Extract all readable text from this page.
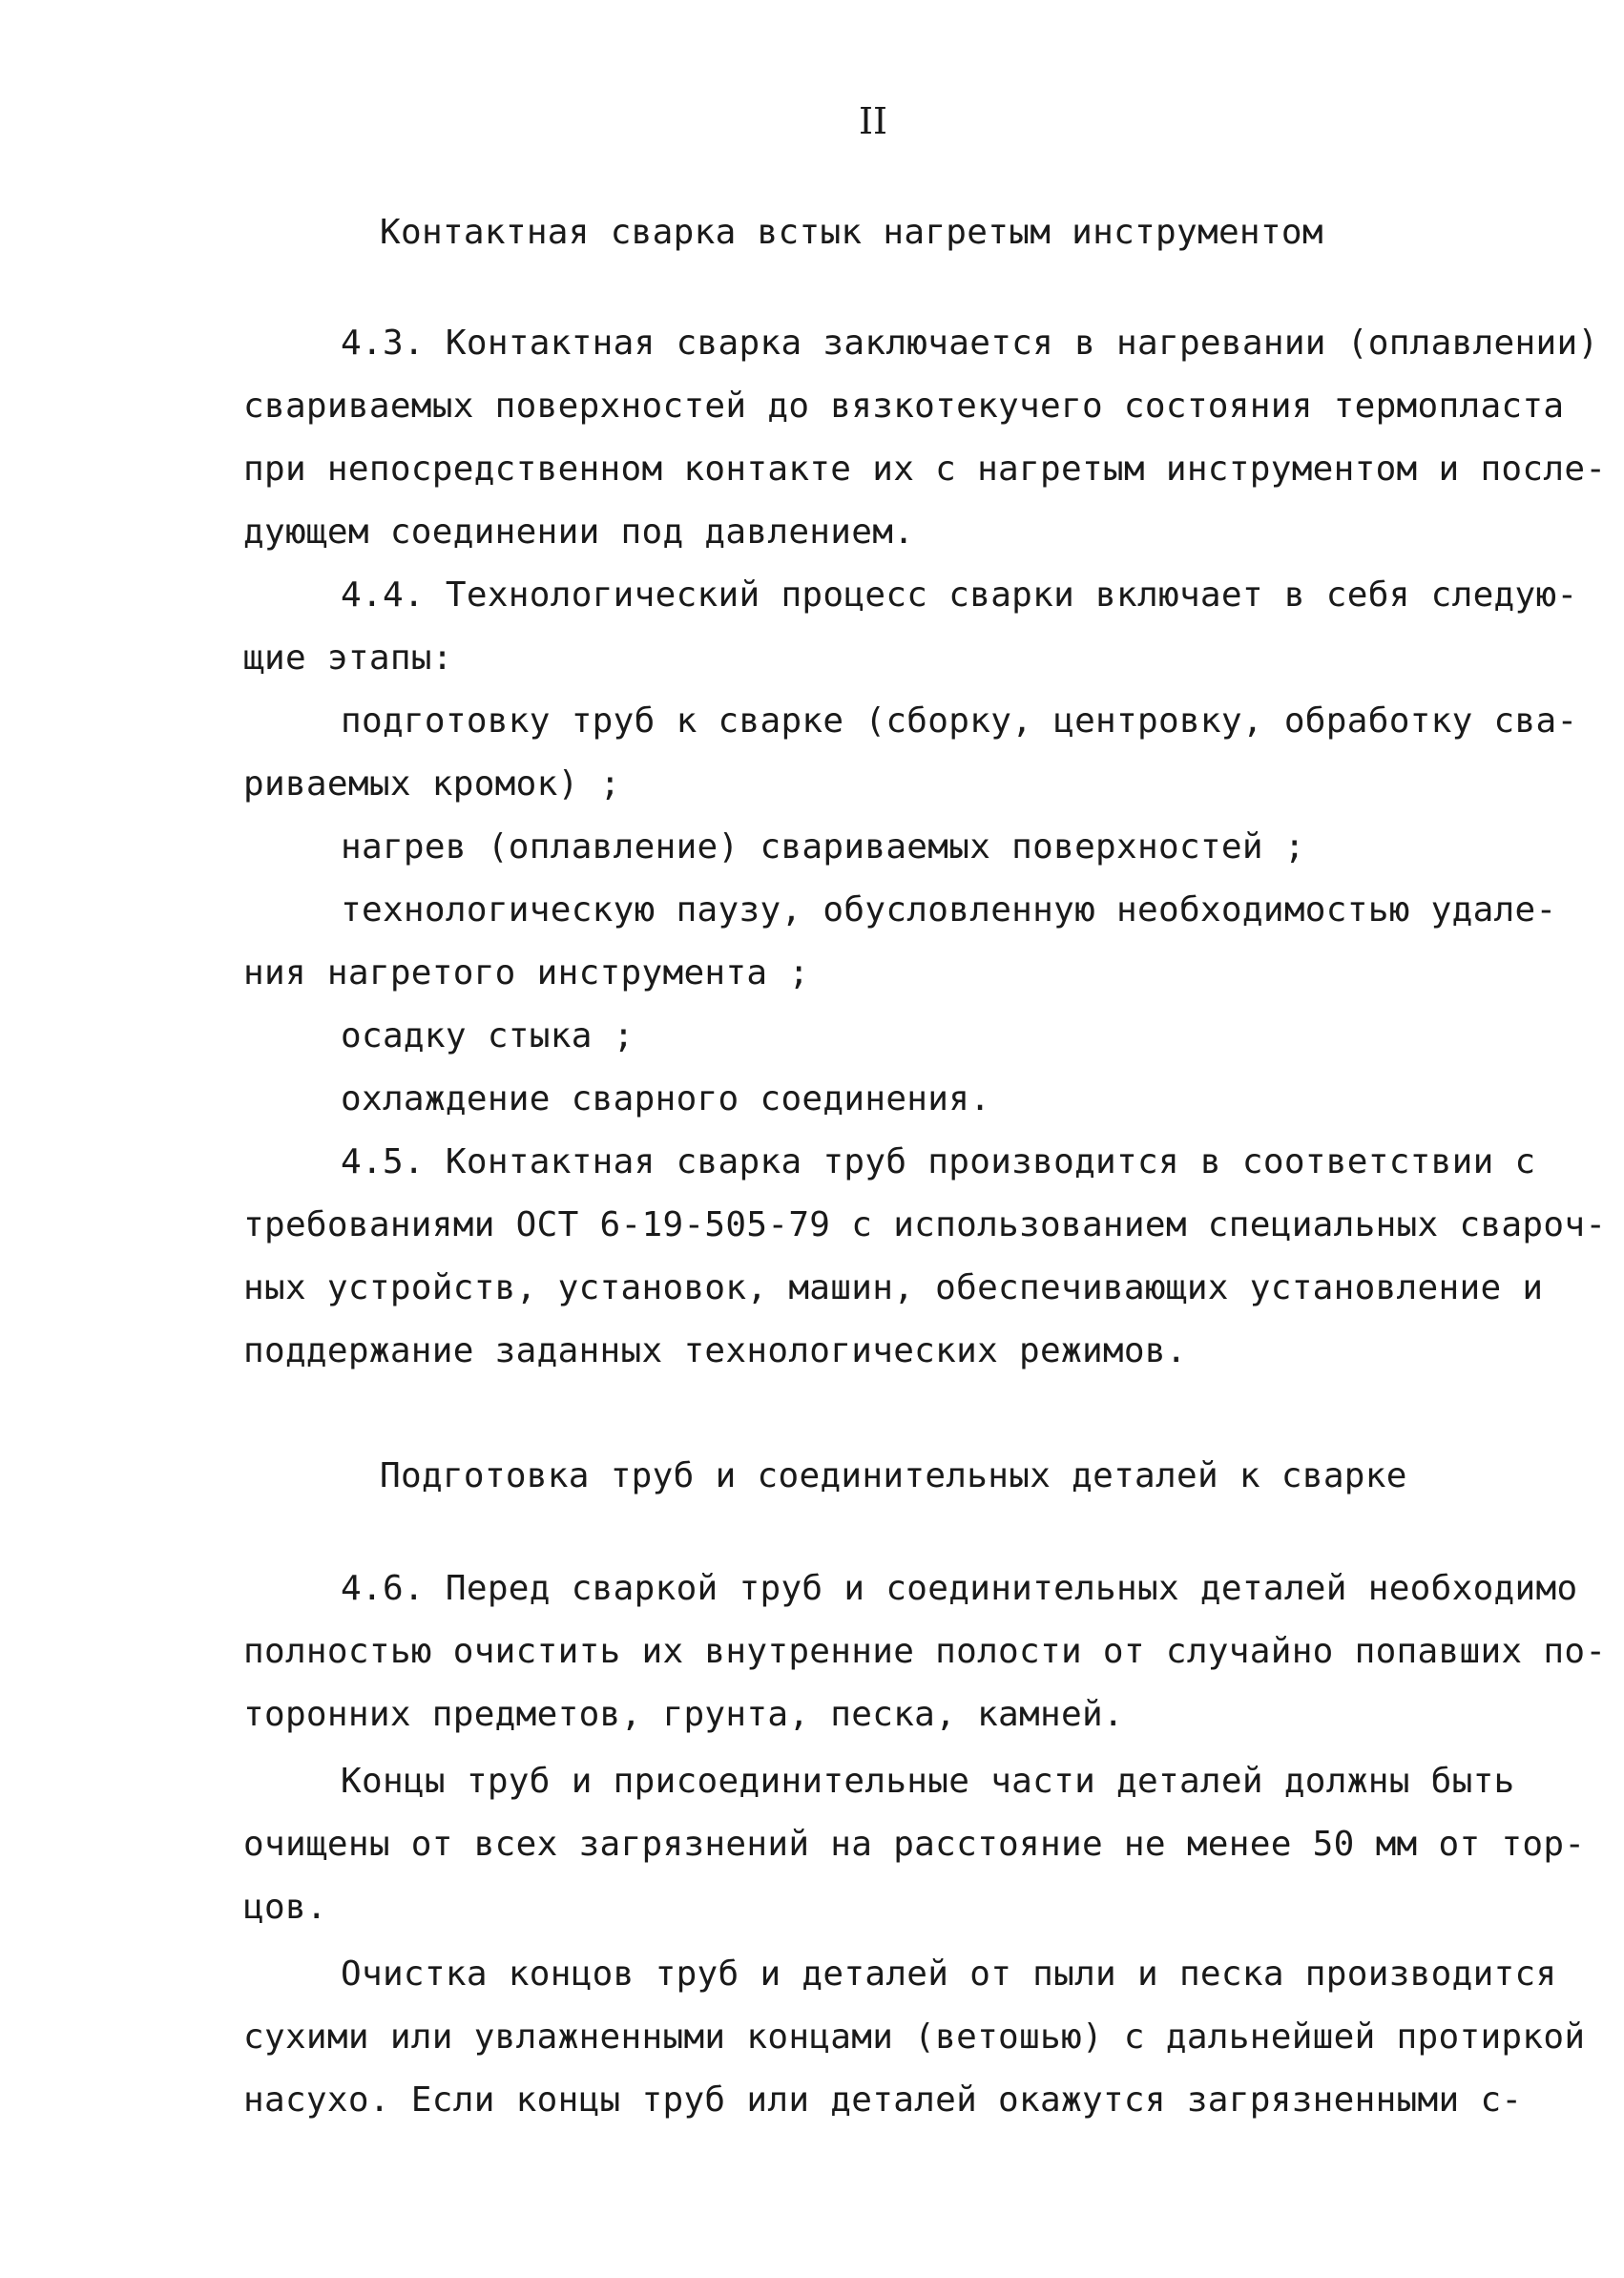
II
Контактная сварка встык нагретым инструментом
4.3. Контактная сварка заключается в нагревании (оплавлении)
свариваемых поверхностей до вязкотекучего состояния термопласта
при непосредственном контакте их с нагретым инструментом и после-
дующем соединении под давлением.
4.4. Технологический процесс сварки включает в себя следую-
щие этапы:
подготовку труб к сварке (сборку, центровку, обработку сва-
риваемых кромок) ;
нагрев (оплавление) свариваемых поверхностей ;
технологическую паузу, обусловленную необходимостью удале-
ния нагретого инструмента ;
осадку стыка ;
охлаждение сварного соединения.
4.5. Контактная сварка труб производится в соответствии с
требованиями ОСТ 6-19-505-79 с использованием специальных свароч-
ных устройств, установок, машин, обеспечивающих установление и
поддержание заданных технологических режимов.
Подготовка труб и соединительных деталей к сварке
4.6. Перед сваркой труб и соединительных деталей необходимо
полностью очистить их внутренние полости от случайно попавших по-
торонних предметов, грунта, песка, камней.
Концы труб и присоединительные части деталей должны быть
очищены от всех загрязнений на расстояние не менее 50 мм от тор-
цов.
Очистка концов труб и деталей от пыли и песка производится
сухими или увлажненными концами (ветошью) с дальнейшей протиркой
насухо. Если концы труб или деталей окажутся загрязненными с-
